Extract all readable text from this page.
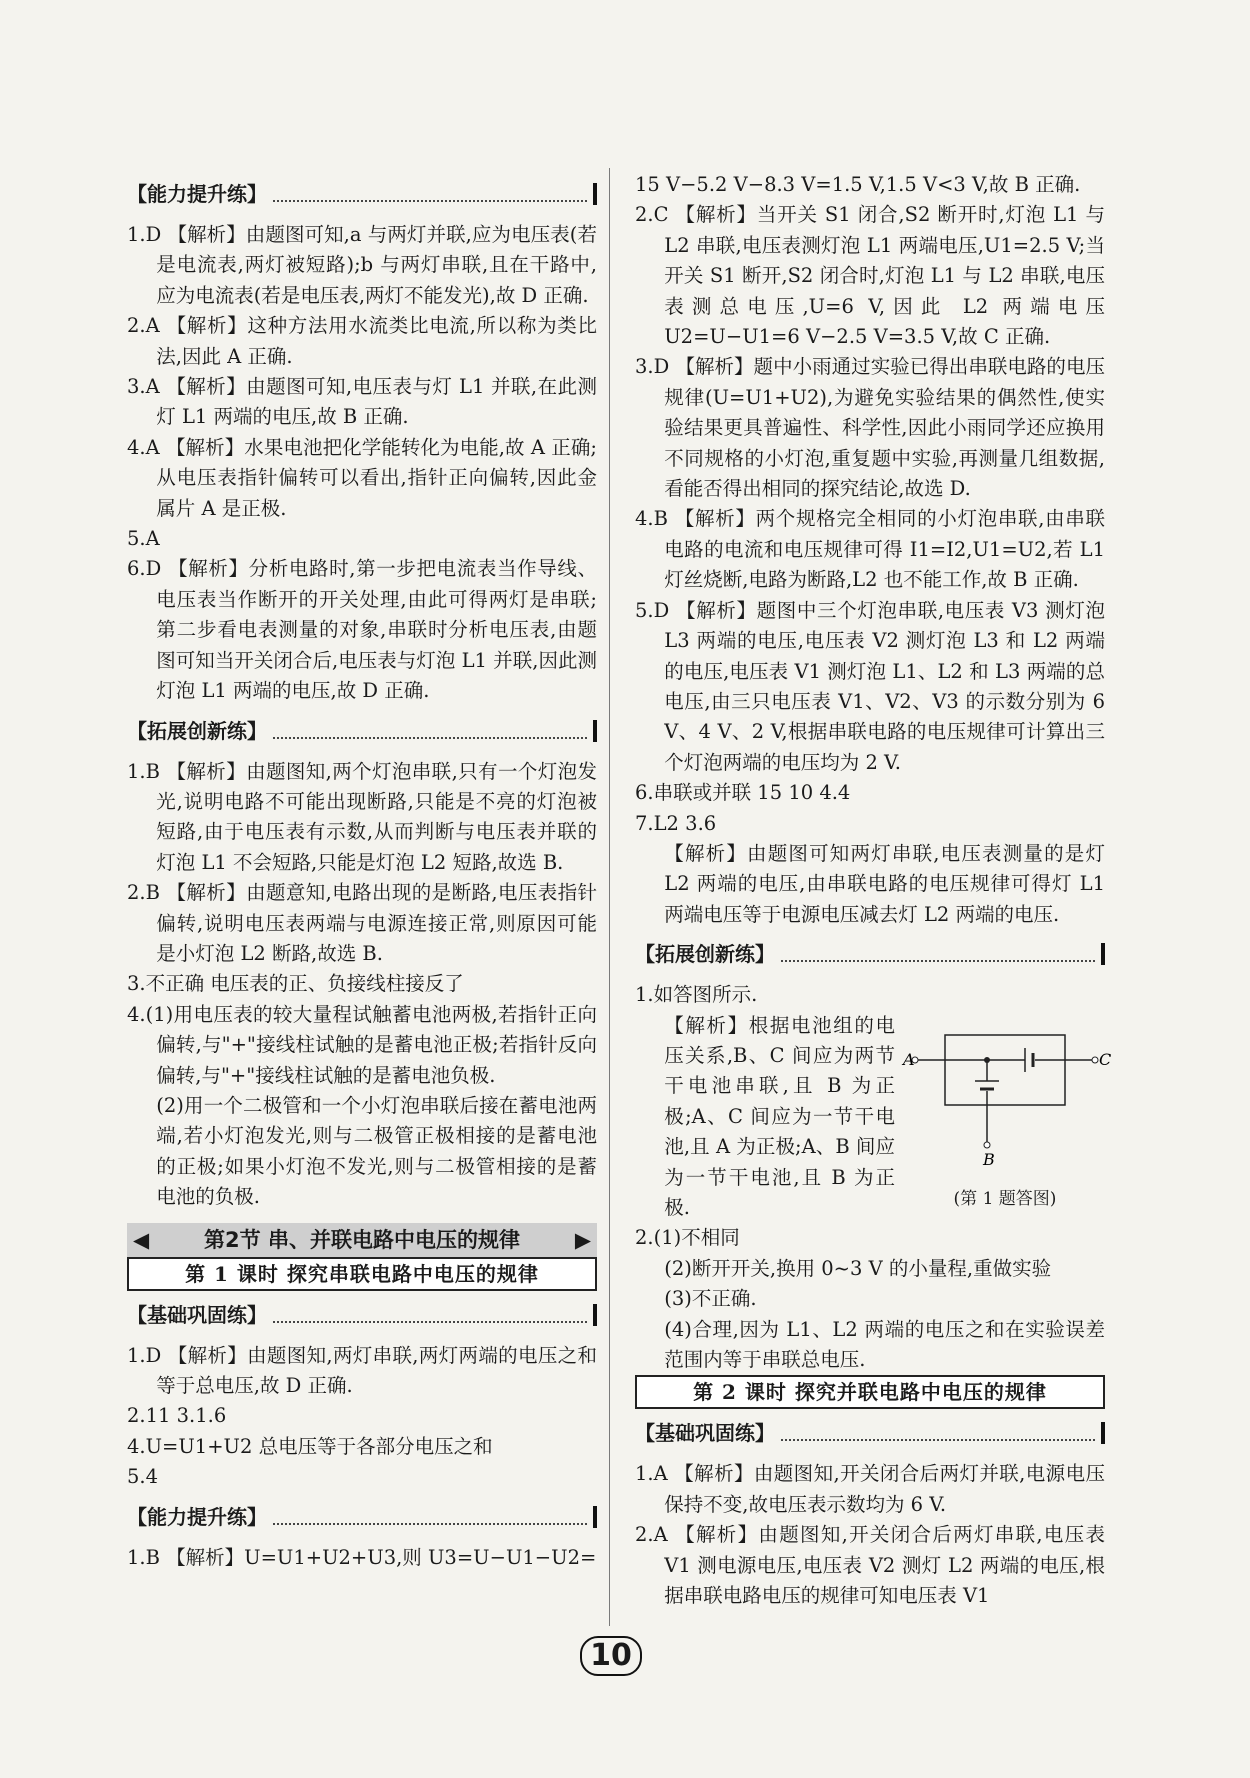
【能力提升练】

1.D 【解析】由题图可知,a 与两灯并联,应为电压表(若是电流表,两灯被短路);b 与两灯串联,且在干路中,应为电流表(若是电压表,两灯不能发光),故 D 正确.

2.A 【解析】这种方法用水流类比电流,所以称为类比法,因此 A 正确.

3.A 【解析】由题图可知,电压表与灯 L1 并联,在此测灯 L1 两端的电压,故 B 正确.

4.A 【解析】水果电池把化学能转化为电能,故 A 正确;从电压表指针偏转可以看出,指针正向偏转,因此金属片 A 是正极.

5.A

6.D 【解析】分析电路时,第一步把电流表当作导线、电压表当作断开的开关处理,由此可得两灯是串联;第二步看电表测量的对象,串联时分析电压表,由题图可知当开关闭合后,电压表与灯泡 L1 并联,因此测灯泡 L1 两端的电压,故 D 正确.

【拓展创新练】

1.B 【解析】由题图知,两个灯泡串联,只有一个灯泡发光,说明电路不可能出现断路,只能是不亮的灯泡被短路,由于电压表有示数,从而判断与电压表并联的灯泡 L1 不会短路,只能是灯泡 L2 短路,故选 B.

2.B 【解析】由题意知,电路出现的是断路,电压表指针偏转,说明电压表两端与电源连接正常,则原因可能是小灯泡 L2 断路,故选 B.

3.不正确 电压表的正、负接线柱接反了

4.(1)用电压表的较大量程试触蓄电池两极,若指针正向偏转,与"+"接线柱试触的是蓄电池正极;若指针反向偏转,与"+"接线柱试触的是蓄电池负极.

(2)用一个二极管和一个小灯泡串联后接在蓄电池两端,若小灯泡发光,则与二极管正极相接的是蓄电池的正极;如果小灯泡不发光,则与二极管相接的是蓄电池的负极.

◀	第2节 串、并联电路中电压的规律	▶
第 1 课时 探究串联电路中电压的规律
【基础巩固练】

1.D 【解析】由题图知,两灯串联,两灯两端的电压之和等于总电压,故 D 正确.

2.11 3.1.6

4.U=U1+U2 总电压等于各部分电压之和

5.4

【能力提升练】

1.B 【解析】U=U1+U2+U3,则 U3=U−U1−U2=

15 V−5.2 V−8.3 V=1.5 V,1.5 V<3 V,故 B 正确.

2.C 【解析】当开关 S1 闭合,S2 断开时,灯泡 L1 与 L2 串联,电压表测灯泡 L1 两端电压,U1=2.5 V;当开关 S1 断开,S2 闭合时,灯泡 L1 与 L2 串联,电压表测总电压,U=6 V,因此 L2 两端电压U2=U−U1=6 V−2.5 V=3.5 V,故 C 正确.

3.D 【解析】题中小雨通过实验已得出串联电路的电压规律(U=U1+U2),为避免实验结果的偶然性,使实验结果更具普遍性、科学性,因此小雨同学还应换用不同规格的小灯泡,重复题中实验,再测量几组数据,看能否得出相同的探究结论,故选 D.

4.B 【解析】两个规格完全相同的小灯泡串联,由串联电路的电流和电压规律可得 I1=I2,U1=U2,若 L1 灯丝烧断,电路为断路,L2 也不能工作,故 B 正确.

5.D 【解析】题图中三个灯泡串联,电压表 V3 测灯泡 L3 两端的电压,电压表 V2 测灯泡 L3 和 L2 两端的电压,电压表 V1 测灯泡 L1、L2 和 L3 两端的总电压,由三只电压表 V1、V2、V3 的示数分别为 6 V、4 V、2 V,根据串联电路的电压规律可计算出三个灯泡两端的电压均为 2 V.

6.串联或并联 15 10 4.4

7.L2 3.6

【解析】由题图可知两灯串联,电压表测量的是灯 L2 两端的电压,由串联电路的电压规律可得灯 L1 两端电压等于电源电压减去灯 L2 两端的电压.

【拓展创新练】

1.如答图所示.

A	C
B
(第 1 题答图)

【解析】根据电池组的电压关系,B、C 间应为两节干电池串联,且 B 为正极;A、C 间应为一节干电池,且 A 为正极;A、B 间应为一节干电池,且 B 为正极.

2.(1)不相同

(2)断开开关,换用 0~3 V 的小量程,重做实验

(3)不正确.

(4)合理,因为 L1、L2 两端的电压之和在实验误差范围内等于串联总电压.

第 2 课时 探究并联电路中电压的规律
【基础巩固练】

1.A 【解析】由题图知,开关闭合后两灯并联,电源电压保持不变,故电压表示数均为 6 V.

2.A 【解析】由题图知,开关闭合后两灯串联,电压表 V1 测电源电压,电压表 V2 测灯 L2 两端的电压,根据串联电路电压的规律可知电压表 V1

10
